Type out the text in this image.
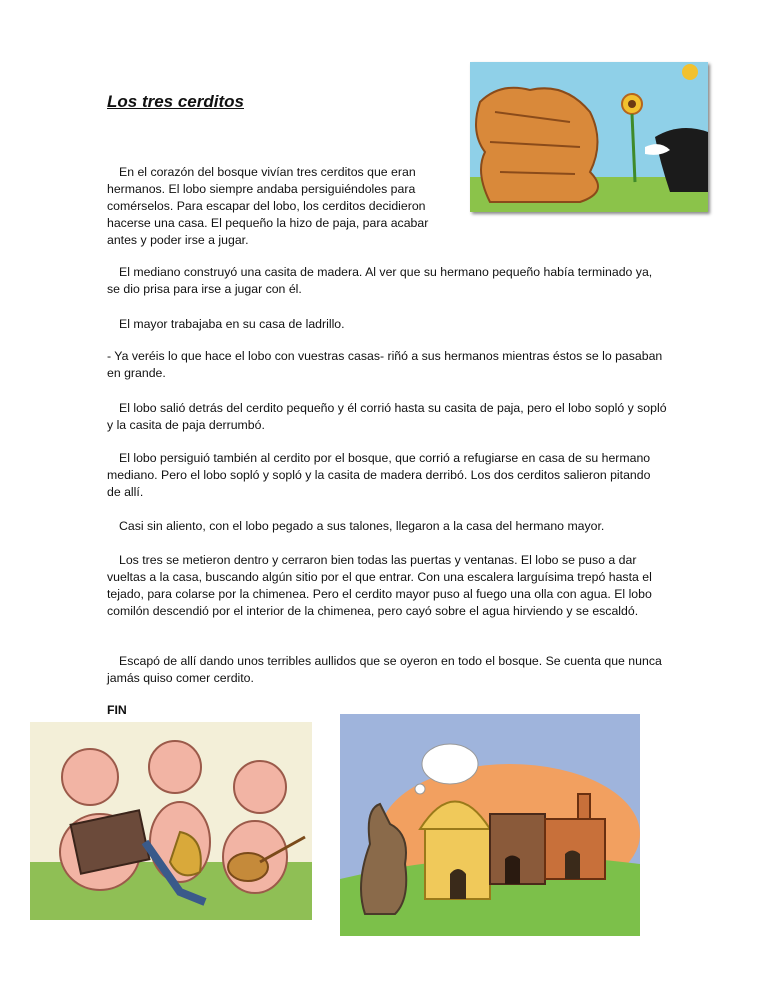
Los tres cerditos

En el corazón del bosque vivían tres cerditos que eran hermanos. El lobo siempre andaba persiguiéndoles para comérselos. Para escapar del lobo, los cerditos decidieron hacerse una casa. El pequeño la hizo de paja, para acabar antes y poder irse a jugar.

El mediano construyó una casita de madera. Al ver que su hermano pequeño había terminado ya, se dio prisa para irse a jugar con él.

El mayor trabajaba en su casa de ladrillo.

- Ya veréis lo que hace el lobo con vuestras casas- riñó a sus hermanos mientras éstos se lo pasaban en grande.

El lobo salió detrás del cerdito pequeño y él corrió hasta su casita de paja, pero el lobo sopló y sopló y la casita de paja derrumbó.

El lobo persiguió también al cerdito por el bosque, que corrió a refugiarse en casa de su hermano mediano. Pero el lobo sopló y sopló y la casita de madera derribó. Los dos cerditos salieron pitando de allí.

Casi sin aliento, con el lobo pegado a sus talones, llegaron a la casa del hermano mayor.

Los tres se metieron dentro y cerraron bien todas las puertas y ventanas. El lobo se puso a dar vueltas a la casa, buscando algún sitio por el que entrar. Con una escalera larguísima trepó hasta el tejado, para colarse por la chimenea. Pero el cerdito mayor puso al fuego una olla con agua. El lobo comilón descendió por el interior de la chimenea, pero cayó sobre el agua hirviendo y se escaldó.

Escapó de allí dando unos terribles aullidos que se oyeron en todo el bosque. Se cuenta que nunca jamás quiso comer cerdito.

FIN
